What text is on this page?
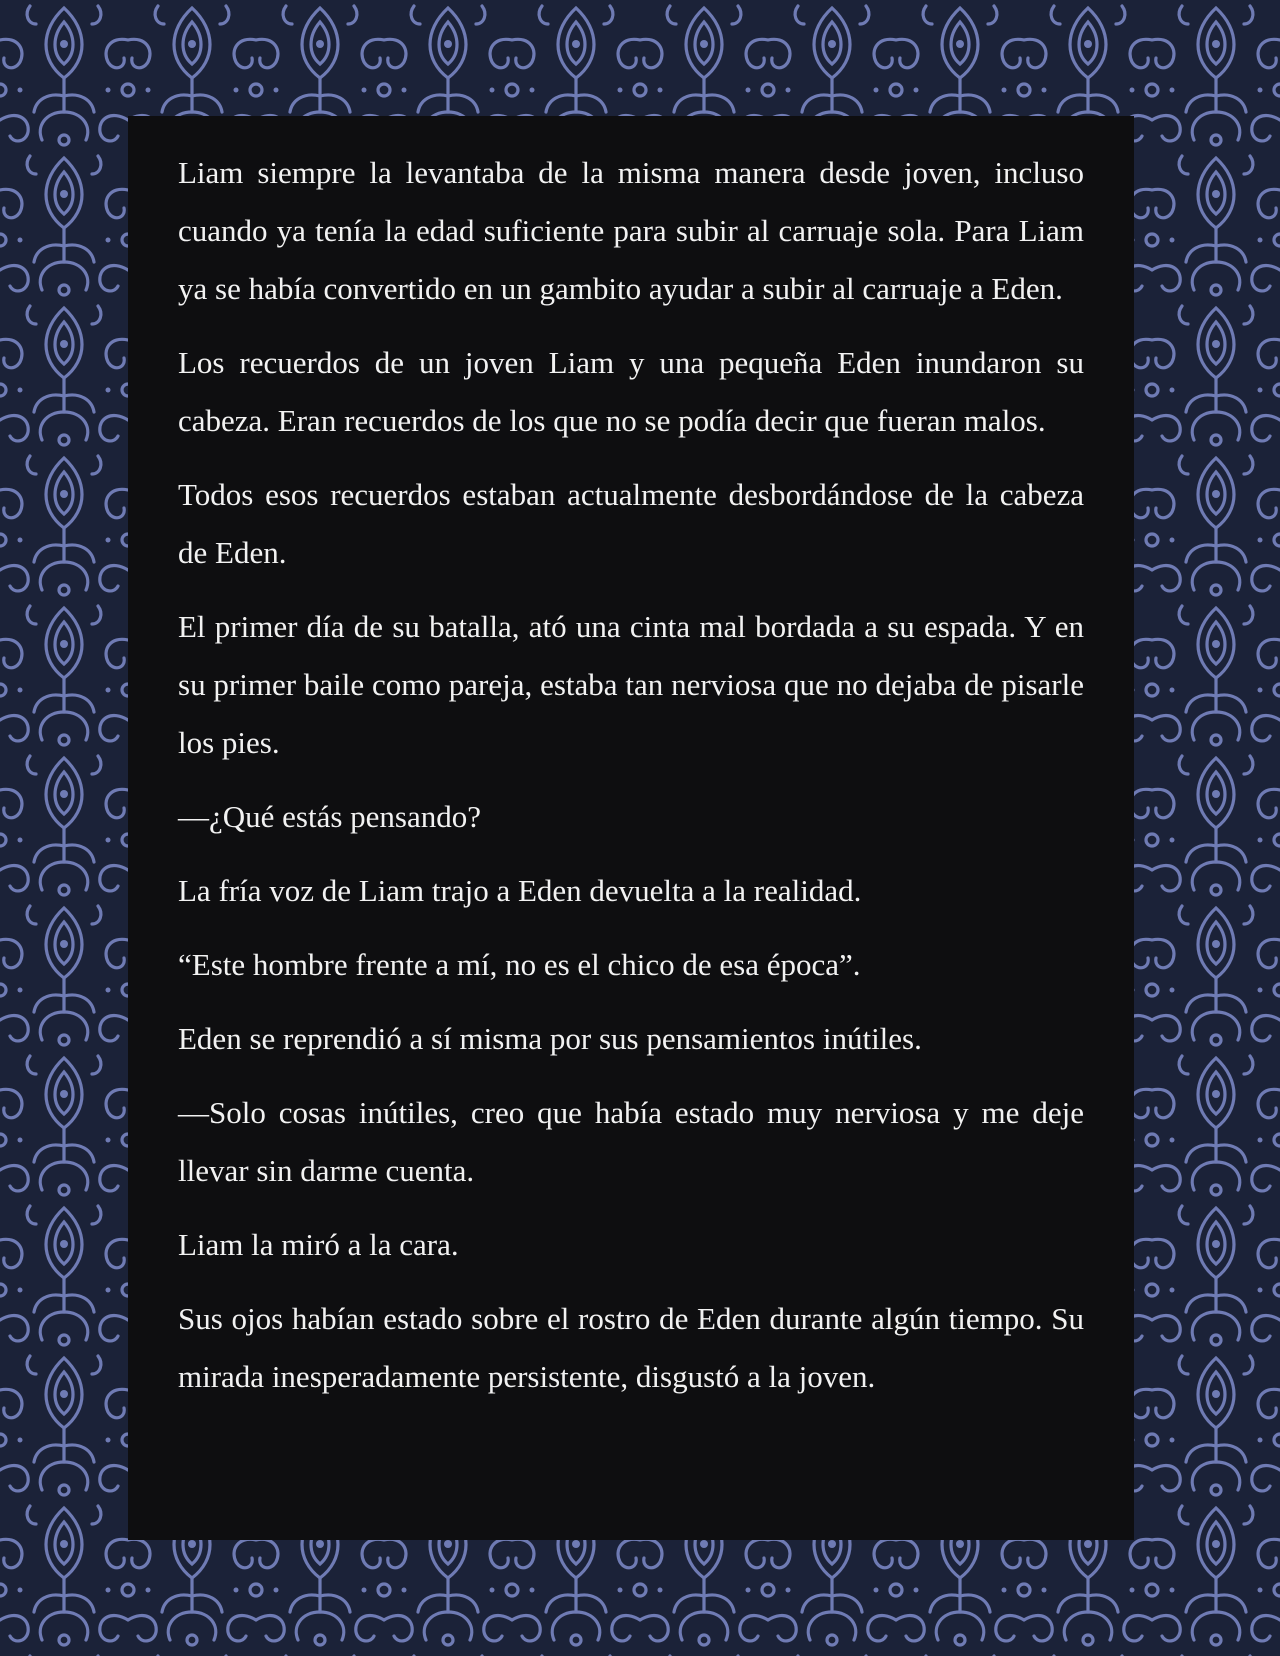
Liam siempre la levantaba de la misma manera desde joven, incluso cuando ya tenía la edad suficiente para subir al carruaje sola. Para Liam ya se había convertido en un gambito ayudar a subir al carruaje a Eden.

Los recuerdos de un joven Liam y una pequeña Eden inundaron su cabeza. Eran recuerdos de los que no se podía decir que fueran malos.

Todos esos recuerdos estaban actualmente desbordándose de la cabeza de Eden.

El primer día de su batalla, ató una cinta mal bordada a su espada. Y en su primer baile como pareja, estaba tan nerviosa que no dejaba de pisarle los pies.

—¿Qué estás pensando?

La fría voz de Liam trajo a Eden devuelta a la realidad.

“Este hombre frente a mí, no es el chico de esa época”.

Eden se reprendió a sí misma por sus pensamientos inútiles.

—Solo cosas inútiles, creo que había estado muy nerviosa y me deje llevar sin darme cuenta.

Liam la miró a la cara.

Sus ojos habían estado sobre el rostro de Eden durante algún tiempo. Su mirada inesperadamente persistente, disgustó a la joven.
